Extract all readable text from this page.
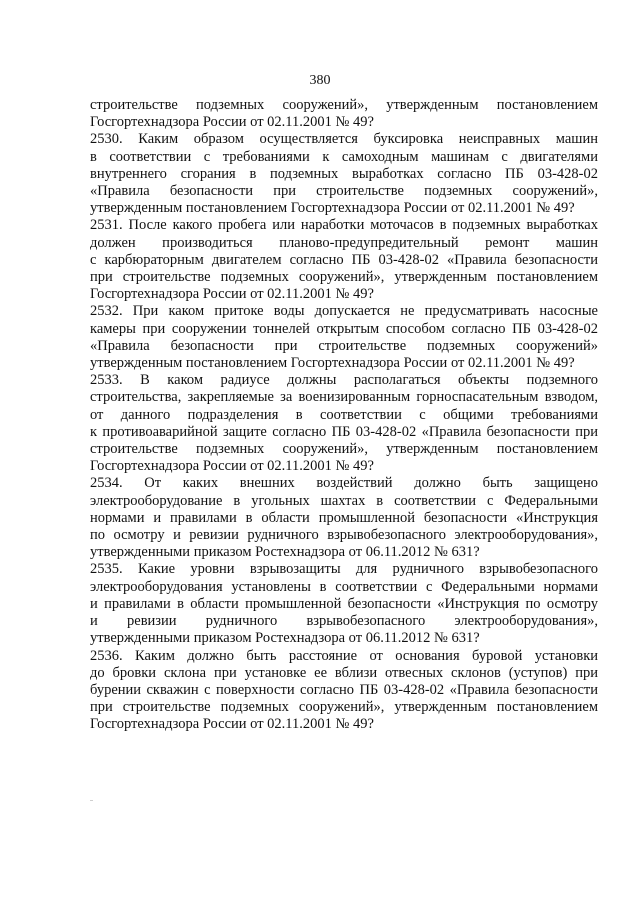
380
строительстве подземных сооружений», утвержденным постановлением
Госгортехнадзора России от 02.11.2001 № 49?
2530. Каким образом осуществляется буксировка неисправных машин
в соответствии с требованиями к самоходным машинам с двигателями
внутреннего сгорания в подземных выработках согласно ПБ 03-428-02
«Правила безопасности при строительстве подземных сооружений»,
утвержденным постановлением Госгортехнадзора России от 02.11.2001 № 49?
2531. После какого пробега или наработки моточасов в подземных выработках
должен производиться планово-предупредительный ремонт машин
с карбюраторным двигателем согласно ПБ 03-428-02 «Правила безопасности
при строительстве подземных сооружений», утвержденным постановлением
Госгортехнадзора России от 02.11.2001 № 49?
2532. При каком притоке воды допускается не предусматривать насосные
камеры при сооружении тоннелей открытым способом согласно ПБ 03-428-02
«Правила безопасности при строительстве подземных сооружений»
утвержденным постановлением Госгортехнадзора России от 02.11.2001 № 49?
2533. В каком радиусе должны располагаться объекты подземного
строительства, закрепляемые за военизированным горноспасательным взводом,
от данного подразделения в соответствии с общими требованиями
к противоаварийной защите согласно ПБ 03-428-02 «Правила безопасности при
строительстве подземных сооружений», утвержденным постановлением
Госгортехнадзора России от 02.11.2001 № 49?
2534. От каких внешних воздействий должно быть защищено
электрооборудование в угольных шахтах в соответствии с Федеральными
нормами и правилами в области промышленной безопасности «Инструкция
по осмотру и ревизии рудничного взрывобезопасного электрооборудования»,
утвержденными приказом Ростехнадзора от 06.11.2012 № 631?
2535. Какие уровни взрывозащиты для рудничного взрывобезопасного
электрооборудования установлены в соответствии с Федеральными нормами
и правилами в области промышленной безопасности «Инструкция по осмотру
и ревизии рудничного взрывобезопасного электрооборудования»,
утвержденными приказом Ростехнадзора от 06.11.2012 № 631?
2536. Каким должно быть расстояние от основания буровой установки
до бровки склона при установке ее вблизи отвесных склонов (уступов) при
бурении скважин с поверхности согласно ПБ 03-428-02 «Правила безопасности
при строительстве подземных сооружений», утвержденным постановлением
Госгортехнадзора России от 02.11.2001 № 49?
